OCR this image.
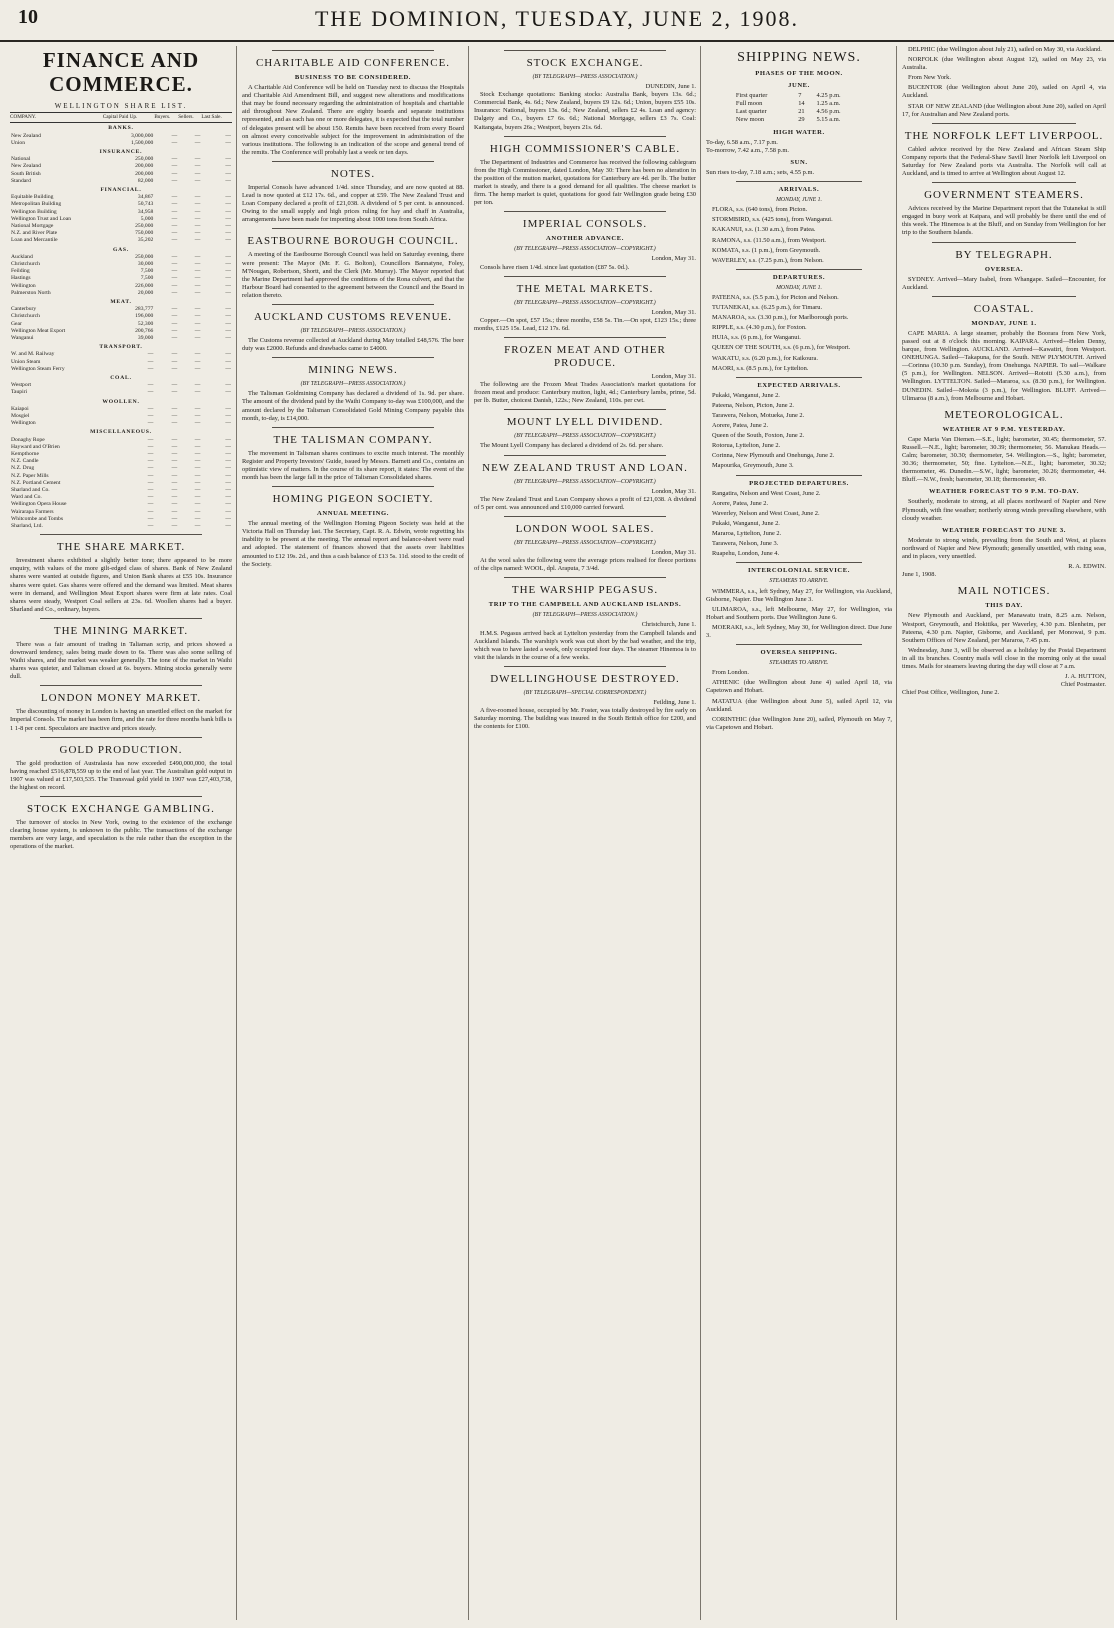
10	THE DOMINION, TUESDAY, JUNE 2, 1908.
FINANCE AND COMMERCE.
WELLINGTON SHARE LIST.
COMPANY.	Capital Paid Up.	Buyers.	Sellers.	Last Sale.
BANKS.				
New Zealand	3,000,000	—	—	—
Union	1,500,000	—	—	—
INSURANCE.				
National	250,000	—	—	—
New Zealand	200,000	—	—	—
South British	200,000	—	—	—
Standard	82,000	—	—	—
FINANCIAL.				
Equitable Building	34,867	—	—	—
Metropolitan Building	50,743	—	—	—
Wellington Building	34,958	—	—	—
Wellington Trust and Loan	5,000	—	—	—
National Mortgage	250,000	—	—	—
N.Z. and River Plate	750,000	—	—	—
Loan and Mercantile	35,202	—	—	—
GAS.				
Auckland	250,000	—	—	—
Christchurch	30,000	—	—	—
Feilding	7,500	—	—	—
Hastings	7,500	—	—	—
Wellington	226,000	—	—	—
Palmerston North	20,000	—	—	—
MEAT.				
Canterbury	283,777	—	—	—
Christchurch	196,000	—	—	—
Gear	52,300	—	—	—
Wellington Meat Export	200,766	—	—	—
Wanganui	39,000	—	—	—
TRANSPORT.				
W. and M. Railway	—	—	—	—
Union Steam	—	—	—	—
Wellington Steam Ferry	—	—	—	—
COAL.				
Westport	—	—	—	—
Taupiri	—	—	—	—
WOOLLEN.				
Kaiapoi	—	—	—	—
Mosgiel	—	—	—	—
Wellington	—	—	—	—
MISCELLANEOUS.				
Donaghy Rope	—	—	—	—
Hayward and O'Brien	—	—	—	—
Kempthorne	—	—	—	—
N.Z. Candle	—	—	—	—
N.Z. Drug	—	—	—	—
N.Z. Paper Mills	—	—	—	—
N.Z. Portland Cement	—	—	—	—
Sharland and Co.	—	—	—	—
Ward and Co.	—	—	—	—
Wellington Opera House	—	—	—	—
Wairarapa Farmers	—	—	—	—
Whitcombe and Tombs	—	—	—	—
Sharland, Ltd.	—	—	—	—
THE SHARE MARKET.

Investment shares exhibited a slightly better tone; there appeared to be more enquiry, with values of the more gilt-edged class of shares. Bank of New Zealand shares were wanted at outside figures, and Union Bank shares at £55 10s. Insurance shares were quiet. Gas shares were offered and the demand was limited. Meat shares were in demand, and Wellington Meat Export shares were firm at late rates. Coal shares were steady, Westport Coal sellers at 23s. 6d. Woollen shares had a buyer. Sharland and Co., ordinary, buyers.

THE MINING MARKET.

There was a fair amount of trading in Taliaman scrip, and prices showed a downward tendency, sales being made down to 6s. There was also some selling of Waihi shares, and the market was weaker generally. The tone of the market in Waihi shares was quieter, and Talisman closed at 6s. buyers. Mining stocks generally were dull.

LONDON MONEY MARKET.

The discounting of money in London is having an unsettled effect on the market for Imperial Consols. The market has been firm, and the rate for three months bank bills is 1 1-8 per cent. Speculators are inactive and prices steady.

GOLD PRODUCTION.

The gold production of Australasia has now exceeded £490,000,000, the total having reached £516,878,559 up to the end of last year. The Australian gold output in 1907 was valued at £17,503,535. The Transvaal gold yield in 1907 was £27,403,738, the highest on record.

STOCK EXCHANGE GAMBLING.

The turnover of stocks in New York, owing to the existence of the exchange clearing house system, is unknown to the public. The transactions of the exchange members are very large, and speculation is the rule rather than the exception in the operations of the market.

CHARITABLE AID CONFERENCE.
BUSINESS TO BE CONSIDERED.

A Charitable Aid Conference will be held on Tuesday next to discuss the Hospitals and Charitable Aid Amendment Bill, and suggest new alterations and modifications that may be found necessary regarding the administration of hospitals and charitable aid throughout New Zealand. There are eighty boards and separate institutions represented, and as each has one or more delegates, it is expected that the total number of delegates present will be about 150. Remits have been received from every Board on almost every conceivable subject for the improvement in administration of the various institutions. The following is an indication of the scope and general trend of the remits. The Conference will probably last a week or ten days.

NOTES.

Imperial Consols have advanced 1/4d. since Thursday, and are now quoted at 88. Lead is now quoted at £12 17s. 6d., and copper at £59. The New Zealand Trust and Loan Company declared a profit of £21,038. A dividend of 5 per cent. is announced. Owing to the small supply and high prices ruling for hay and chaff in Australia, arrangements have been made for importing about 1000 tons from South Africa.

EASTBOURNE BOROUGH COUNCIL.

A meeting of the Eastbourne Borough Council was held on Saturday evening, there were present: The Mayor (Mr. F. G. Bolton), Councillors Bannatyne, Foley, M'Nougan, Robertson, Shortt, and the Clerk (Mr. Murray). The Mayor reported that the Marine Department had approved the conditions of the Rona culvert, and that the Harbour Board had consented to the agreement between the Council and the Board in relation thereto.

AUCKLAND CUSTOMS REVENUE.
(BY TELEGRAPH—PRESS ASSOCIATION.)

The Customs revenue collected at Auckland during May totalled £48,576. The beer duty was £2000. Refunds and drawbacks came to £4000.

MINING NEWS.
(BY TELEGRAPH—PRESS ASSOCIATION.)

The Talisman Goldmining Company has declared a dividend of 1s. 9d. per share. The amount of the dividend paid by the Waihi Company to-day was £100,000, and the amount declared by the Talisman Consolidated Gold Mining Company payable this month, to-day, is £14,000.

THE TALISMAN COMPANY.

The movement in Talisman shares continues to excite much interest. The monthly Register and Property Investors' Guide, issued by Messrs. Barnett and Co., contains an optimistic view of matters. In the course of its share report, it states: The event of the month has been the large fall in the price of Talisman Consolidated shares.

HOMING PIGEON SOCIETY.
ANNUAL MEETING.

The annual meeting of the Wellington Homing Pigeon Society was held at the Victoria Hall on Thursday last. The Secretary, Capt. R. A. Edwin, wrote regretting his inability to be present at the meeting. The annual report and balance-sheet were read and adopted. The statement of finances showed that the assets over liabilities amounted to £12 19s. 2d., and thus a cash balance of £13 5s. 11d. stood to the credit of the Society.

STOCK EXCHANGE.
(BY TELEGRAPH—PRESS ASSOCIATION.)

DUNEDIN, June 1.

Stock Exchange quotations: Banking stocks: Australia Bank, buyers 13s. 6d.; Commercial Bank, 4s. 6d.; New Zealand, buyers £9 12s. 6d.; Union, buyers £55 10s. Insurance: National, buyers 13s. 6d.; New Zealand, sellers £2 4s. Loan and agency: Dalgety and Co., buyers £7 6s. 6d.; National Mortgage, sellers £3 7s. Coal: Kaitangata, buyers 26s.; Westport, buyers 21s. 6d.

HIGH COMMISSIONER'S CABLE.

The Department of Industries and Commerce has received the following cablegram from the High Commissioner, dated London, May 30: There has been no alteration in the position of the mutton market, quotations for Canterbury are 4d. per lb. The butter market is steady, and there is a good demand for all qualities. The cheese market is firm. The hemp market is quiet, quotations for good fair Wellington grade being £30 per ton.

IMPERIAL CONSOLS.
ANOTHER ADVANCE.
(BY TELEGRAPH—PRESS ASSOCIATION—COPYRIGHT.)

London, May 31.

Consols have risen 1/4d. since last quotation (£87 5s. 0d.).

THE METAL MARKETS.
(BY TELEGRAPH—PRESS ASSOCIATION—COPYRIGHT.)

London, May 31.

Copper.—On spot, £57 15s.; three months, £58 5s. Tin.—On spot, £123 15s.; three months, £125 15s. Lead, £12 17s. 6d.

FROZEN MEAT AND OTHER PRODUCE.

London, May 31.

The following are the Frozen Meat Trades Association's market quotations for frozen meat and produce: Canterbury mutton, light, 4d.; Canterbury lambs, prime, 5d. per lb. Butter, choicest Danish, 122s.; New Zealand, 110s. per cwt.

MOUNT LYELL DIVIDEND.
(BY TELEGRAPH—PRESS ASSOCIATION—COPYRIGHT.)

The Mount Lyell Company has declared a dividend of 2s. 6d. per share.

NEW ZEALAND TRUST AND LOAN.
(BY TELEGRAPH—PRESS ASSOCIATION—COPYRIGHT.)

London, May 31.

The New Zealand Trust and Loan Company shows a profit of £21,038. A dividend of 5 per cent. was announced and £10,000 carried forward.

LONDON WOOL SALES.
(BY TELEGRAPH—PRESS ASSOCIATION—COPYRIGHT.)

London, May 31.

At the wool sales the following were the average prices realised for fleece portions of the clips named: WOOL, dpl. Araputa, 7 3/4d.

THE WARSHIP PEGASUS.
TRIP TO THE CAMPBELL AND AUCKLAND ISLANDS.
(BY TELEGRAPH—PRESS ASSOCIATION.)

Christchurch, June 1.

H.M.S. Pegasus arrived back at Lyttelton yesterday from the Campbell Islands and Auckland Islands. The warship's work was cut short by the bad weather, and the trip, which was to have lasted a week, only occupied four days. The steamer Hinemoa is to visit the islands in the course of a few weeks.

DWELLINGHOUSE DESTROYED.
(BY TELEGRAPH—SPECIAL CORRESPONDENT.)

Feilding, June 1.

A five-roomed house, occupied by Mr. Foster, was totally destroyed by fire early on Saturday morning. The building was insured in the South British office for £200, and the contents for £100.

SHIPPING NEWS.
PHASES OF THE MOON.
JUNE.
First quarter	7	4.25 p.m.
Full moon	14	1.25 a.m.
Last quarter	21	4.56 p.m.
New moon	29	5.15 a.m.
HIGH WATER.

To-day, 6.58 a.m., 7.17 p.m.

To-morrow, 7.42 a.m., 7.58 p.m.

SUN.

Sun rises to-day, 7.18 a.m.; sets, 4.55 p.m.

ARRIVALS.
MONDAY, JUNE 1.

FLORA, s.s. (640 tons), from Picton.

STORMBIRD, s.s. (425 tons), from Wanganui.

KAKANUI, s.s. (1.30 a.m.), from Patea.

RAMONA, s.s. (11.50 a.m.), from Westport.

KOMATA, s.s. (1 p.m.), from Greymouth.

WAVERLEY, s.s. (7.25 p.m.), from Nelson.

DEPARTURES.
MONDAY, JUNE 1.

PATEENA, s.s. (5.5 p.m.), for Picton and Nelson.

TUTANEKAI, s.s. (6.25 p.m.), for Timaru.

MANAROA, s.s. (3.30 p.m.), for Marlborough ports.

RIPPLE, s.s. (4.30 p.m.), for Foxton.

HUIA, s.s. (6 p.m.), for Wanganui.

QUEEN OF THE SOUTH, s.s. (6 p.m.), for Westport.

WAKATU, s.s. (6.20 p.m.), for Kaikoura.

MAORI, s.s. (8.5 p.m.), for Lyttelton.

EXPECTED ARRIVALS.

Pukaki, Wanganui, June 2.

Pateena, Nelson, Picton, June 2.

Tarawera, Nelson, Motueka, June 2.

Aorere, Patea, June 2.

Queen of the South, Foxton, June 2.

Rotorua, Lyttelton, June 2.

Corinna, New Plymouth and Onehunga, June 2.

Mapourika, Greymouth, June 3.

PROJECTED DEPARTURES.

Rangatira, Nelson and West Coast, June 2.

Aorere, Patea, June 2.

Waverley, Nelson and West Coast, June 2.

Pukaki, Wanganui, June 2.

Mararoa, Lyttelton, June 2.

Tarawera, Nelson, June 3.

Ruapehu, London, June 4.

INTERCOLONIAL SERVICE.
STEAMERS TO ARRIVE.

WIMMERA, s.s., left Sydney, May 27, for Wellington, via Auckland, Gisborne, Napier. Due Wellington June 3.

ULIMAROA, s.s., left Melbourne, May 27, for Wellington, via Hobart and Southern ports. Due Wellington June 6.

MOERAKI, s.s., left Sydney, May 30, for Wellington direct. Due June 3.

OVERSEA SHIPPING.
STEAMERS TO ARRIVE.

From London.

ATHENIC (due Wellington about June 4) sailed April 18, via Capetown and Hobart.

MATATUA (due Wellington about June 5), sailed April 12, via Auckland.

CORINTHIC (due Wellington June 20), sailed, Plymouth on May 7, via Capetown and Hobart.

DELPHIC (due Wellington about July 21), sailed on May 30, via Auckland.

NORFOLK (due Wellington about August 12), sailed on May 23, via Australia.

From New York.

BUCENTOR (due Wellington about June 20), sailed on April 4, via Auckland.

STAR OF NEW ZEALAND (due Wellington about June 20), sailed on April 17, for Australian and New Zealand ports.

THE NORFOLK LEFT LIVERPOOL.

Cabled advice received by the New Zealand and African Steam Ship Company reports that the Federal-Shaw Savill liner Norfolk left Liverpool on Saturday for New Zealand ports via Australia. The Norfolk will call at Auckland, and is timed to arrive at Wellington about August 12.

GOVERNMENT STEAMERS.

Advices received by the Marine Department report that the Tutanekai is still engaged in buoy work at Kaipara, and will probably be there until the end of this week. The Hinemoa is at the Bluff, and on Sunday from Wellington for her trip to the Southern Islands.

BY TELEGRAPH.
OVERSEA.

SYDNEY. Arrived—Mary Isabel, from Whangape. Sailed—Encounter, for Auckland.

COASTAL.
MONDAY, JUNE 1.

CAPE MARIA. A large steamer, probably the Boorara from New York, passed out at 8 o'clock this morning. KAIPARA. Arrived—Helen Denny, barque, from Wellington. AUCKLAND. Arrived—Kawatiri, from Westport. ONEHUNGA. Sailed—Takapuna, for the South. NEW PLYMOUTH. Arrived—Corinna (10.30 p.m. Sunday), from Onehunga. NAPIER. To sail—Walkare (5 p.m.), for Wellington. NELSON. Arrived—Rotoiti (5.30 a.m.), from Wellington. LYTTELTON. Sailed—Mararoa, s.s. (8.30 p.m.), for Wellington. DUNEDIN. Sailed—Mokoia (3 p.m.), for Wellington. BLUFF. Arrived—Ulimaroa (8 a.m.), from Melbourne and Hobart.

METEOROLOGICAL.
WEATHER AT 9 P.M. YESTERDAY.

Cape Maria Van Diemen.—S.E., light; barometer, 30.45; thermometer, 57. Russell.—N.E., light; barometer, 30.39; thermometer, 56. Manukau Heads.—Calm; barometer, 30.30; thermometer, 54. Wellington.—S., light; barometer, 30.36; thermometer, 50; fine. Lyttelton.—N.E., light; barometer, 30.32; thermometer, 46. Dunedin.—S.W., light; barometer, 30.26; thermometer, 44. Bluff.—N.W., fresh; barometer, 30.18; thermometer, 49.

WEATHER FORECAST TO 9 P.M. TO-DAY.

Southerly, moderate to strong, at all places northward of Napier and New Plymouth, with fine weather; northerly strong winds prevailing elsewhere, with cloudy weather.

WEATHER FORECAST TO JUNE 3.

Moderate to strong winds, prevailing from the South and West, at places northward of Napier and New Plymouth; generally unsettled, with rising seas, and in places, very unsettled.

R. A. EDWIN.

June 1, 1908.

MAIL NOTICES.
THIS DAY.

New Plymouth and Auckland, per Manawatu train, 8.25 a.m. Nelson, Westport, Greymouth, and Hokitika, per Waverley, 4.30 p.m. Blenheim, per Pateena, 4.30 p.m. Napier, Gisborne, and Auckland, per Monowai, 9 p.m. Southern Offices of New Zealand, per Mararoa, 7.45 p.m.

Wednesday, June 3, will be observed as a holiday by the Postal Department in all its branches. Country mails will close in the morning only at the usual times. Mails for steamers leaving during the day will close at 7 a.m.

J. A. HUTTON,

Chief Postmaster.

Chief Post Office, Wellington, June 2.
